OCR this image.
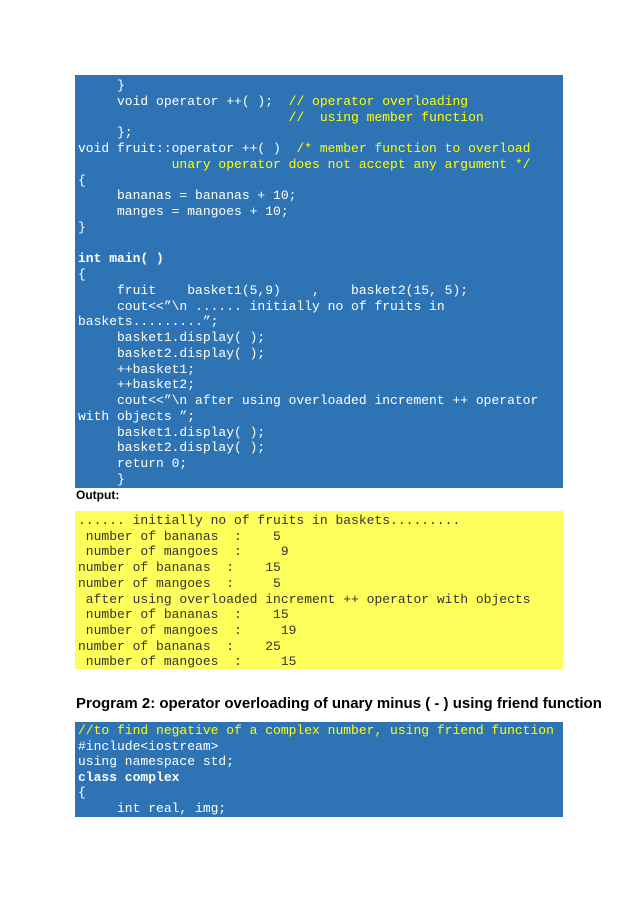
}
void operator ++( );  // operator overloading
//  using member function
};
void fruit::operator ++( )  /* member function to overload
unary operator does not accept any argument */
{
bananas = bananas + 10;
manges = mangoes + 10;
}
int main( )
{
fruit    basket1(5,9)    ,    basket2(15, 5);
cout<<”\n ...... initially no of fruits in
baskets.........”;
basket1.display( );
basket2.display( );
++basket1;
++basket2;
cout<<”\n after using overloaded increment ++ operator
with objects ”;
basket1.display( );
basket2.display( );
return 0;
}
Output:
...... initially no of fruits in baskets.........
number of bananas  :    5
number of mangoes  :     9
number of bananas  :    15
number of mangoes  :     5
after using overloaded increment ++ operator with objects
number of bananas  :    15
number of mangoes  :     19
number of bananas  :    25
number of mangoes  :     15
Program 2: operator overloading of unary minus ( - ) using friend function
//to find negative of a complex number, using friend function
#include<iostream>
using namespace std;
class complex
{
int real, img;
